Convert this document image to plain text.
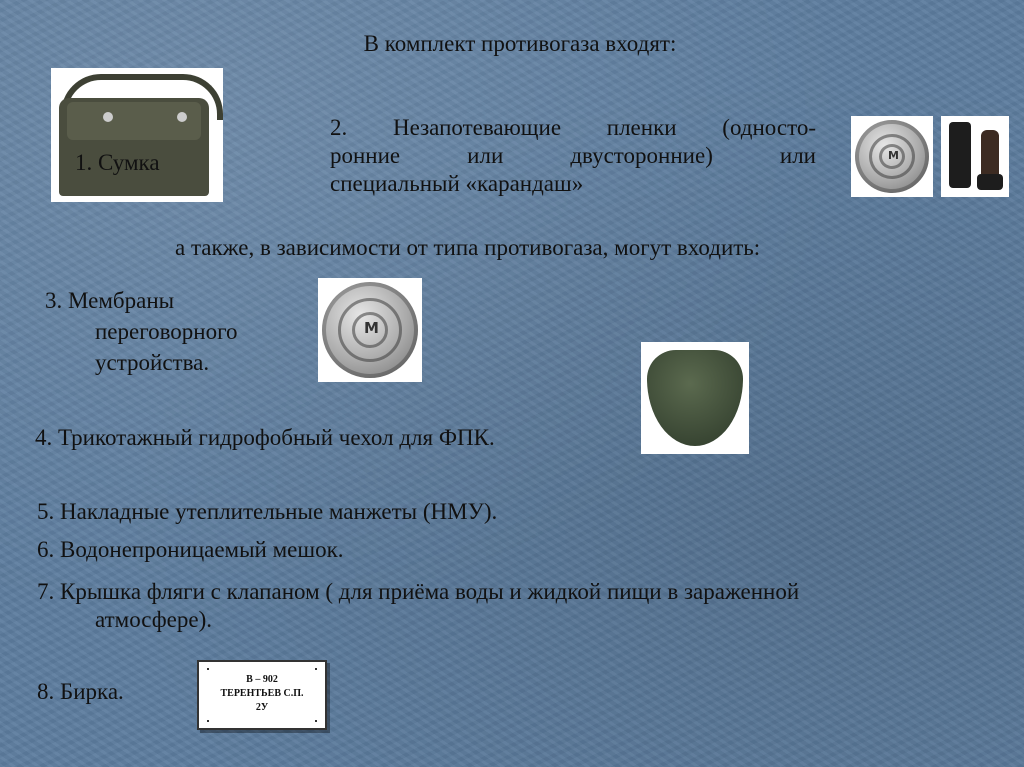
В комплект противогаза входят:
1. Сумка
2. Незапотевающие пленки (односто-
ронние или двусторонние) или
специальный «карандаш»
M
а также, в зависимости от типа противогаза, могут входить:
3. Мембраны
переговорного
устройства.
M
4. Трикотажный гидрофобный чехол для ФПК.
5. Накладные утеплительные манжеты (НМУ).
6. Водонепроницаемый мешок.
7. Крышка фляги с клапаном ( для приёма воды и жидкой пищи в зараженной
атмосфере).
8. Бирка.	В – 902
ТЕРЕНТЬЕВ С.П.
2У
